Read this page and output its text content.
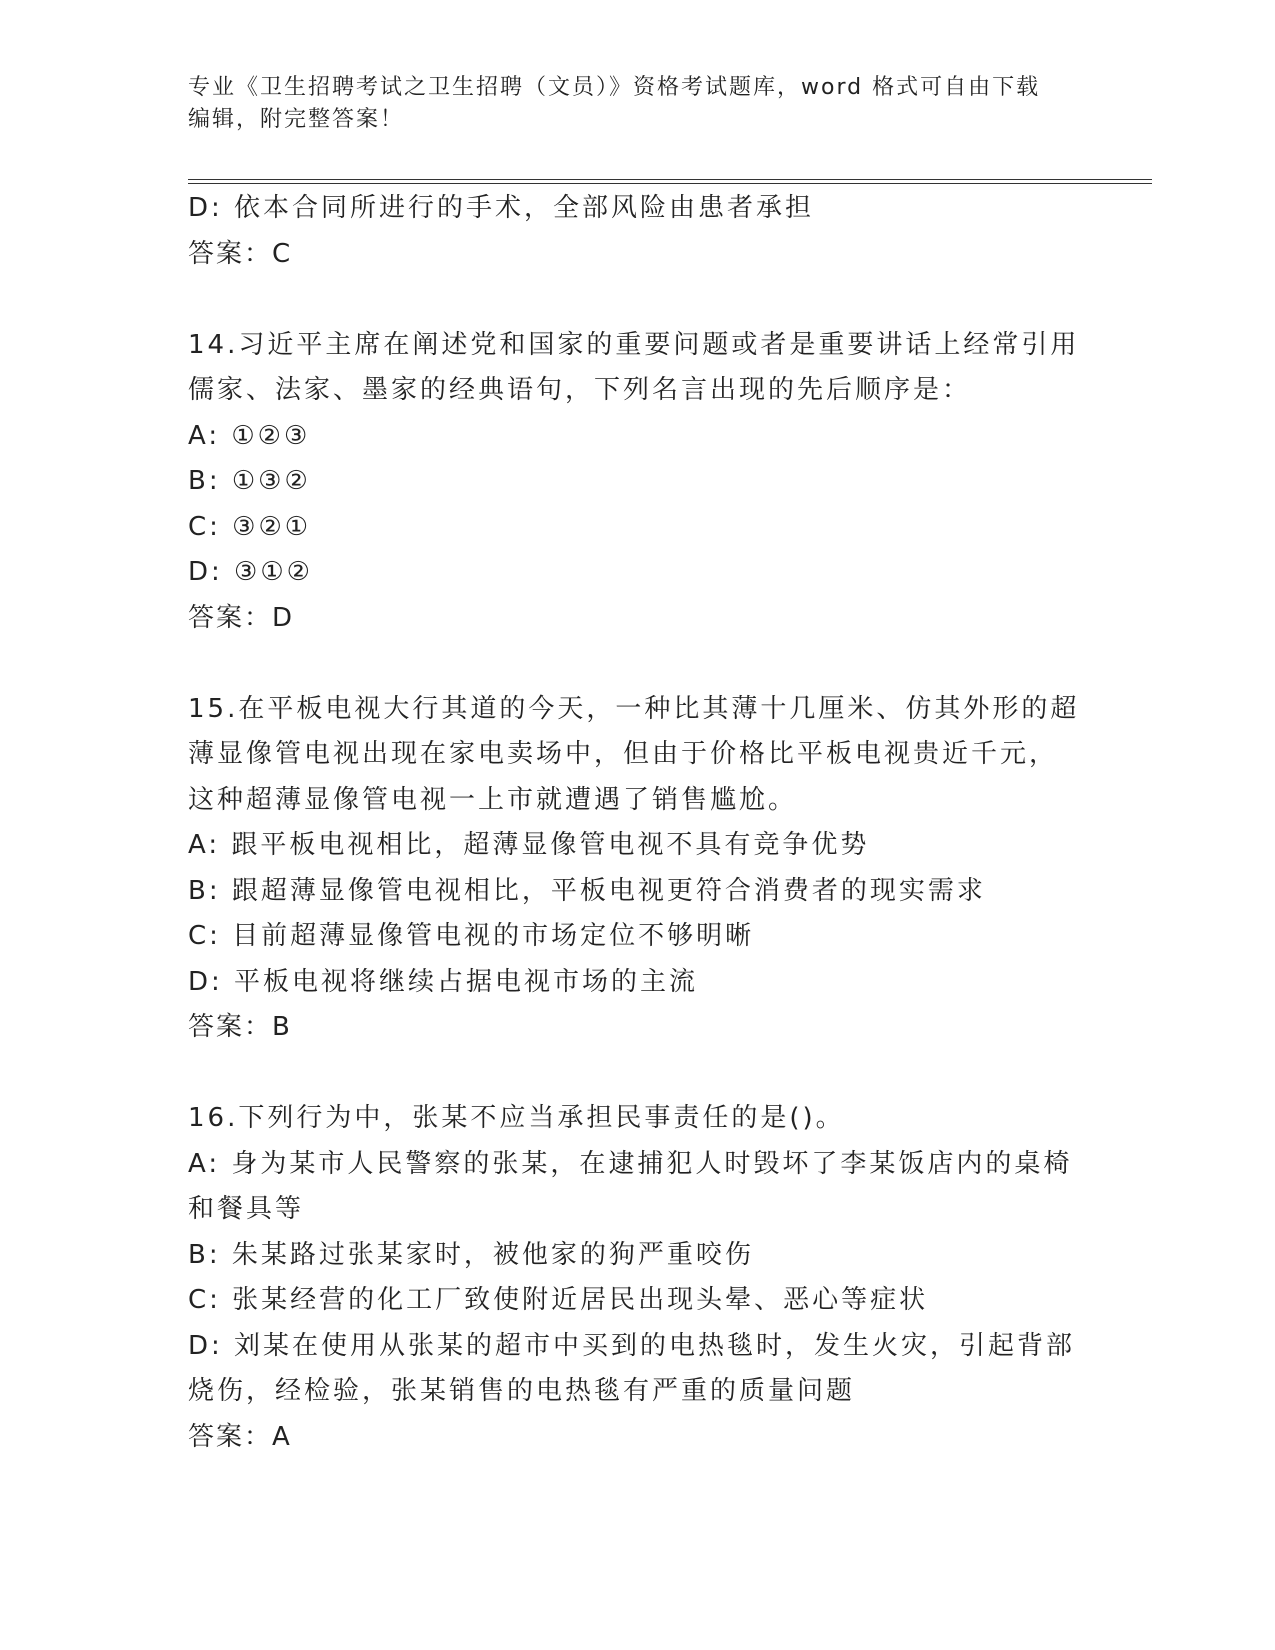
专业《卫生招聘考试之卫生招聘（文员）》资格考试题库，word 格式可自由下载
编辑，附完整答案！
D: 依本合同所进行的手术，全部风险由患者承担
答案：C
14.习近平主席在阐述党和国家的重要问题或者是重要讲话上经常引用
儒家、法家、墨家的经典语句，下列名言出现的先后顺序是：
A: ①②③
B: ①③②
C: ③②①
D: ③①②
答案：D
15.在平板电视大行其道的今天，一种比其薄十几厘米、仿其外形的超
薄显像管电视出现在家电卖场中，但由于价格比平板电视贵近千元，
这种超薄显像管电视一上市就遭遇了销售尴尬。
A: 跟平板电视相比，超薄显像管电视不具有竞争优势
B: 跟超薄显像管电视相比，平板电视更符合消费者的现实需求
C: 目前超薄显像管电视的市场定位不够明晰
D: 平板电视将继续占据电视市场的主流
答案：B
16.下列行为中，张某不应当承担民事责任的是()。
A: 身为某市人民警察的张某，在逮捕犯人时毁坏了李某饭店内的桌椅
和餐具等
B: 朱某路过张某家时，被他家的狗严重咬伤
C: 张某经营的化工厂致使附近居民出现头晕、恶心等症状
D: 刘某在使用从张某的超市中买到的电热毯时，发生火灾，引起背部
烧伤，经检验，张某销售的电热毯有严重的质量问题
答案：A
